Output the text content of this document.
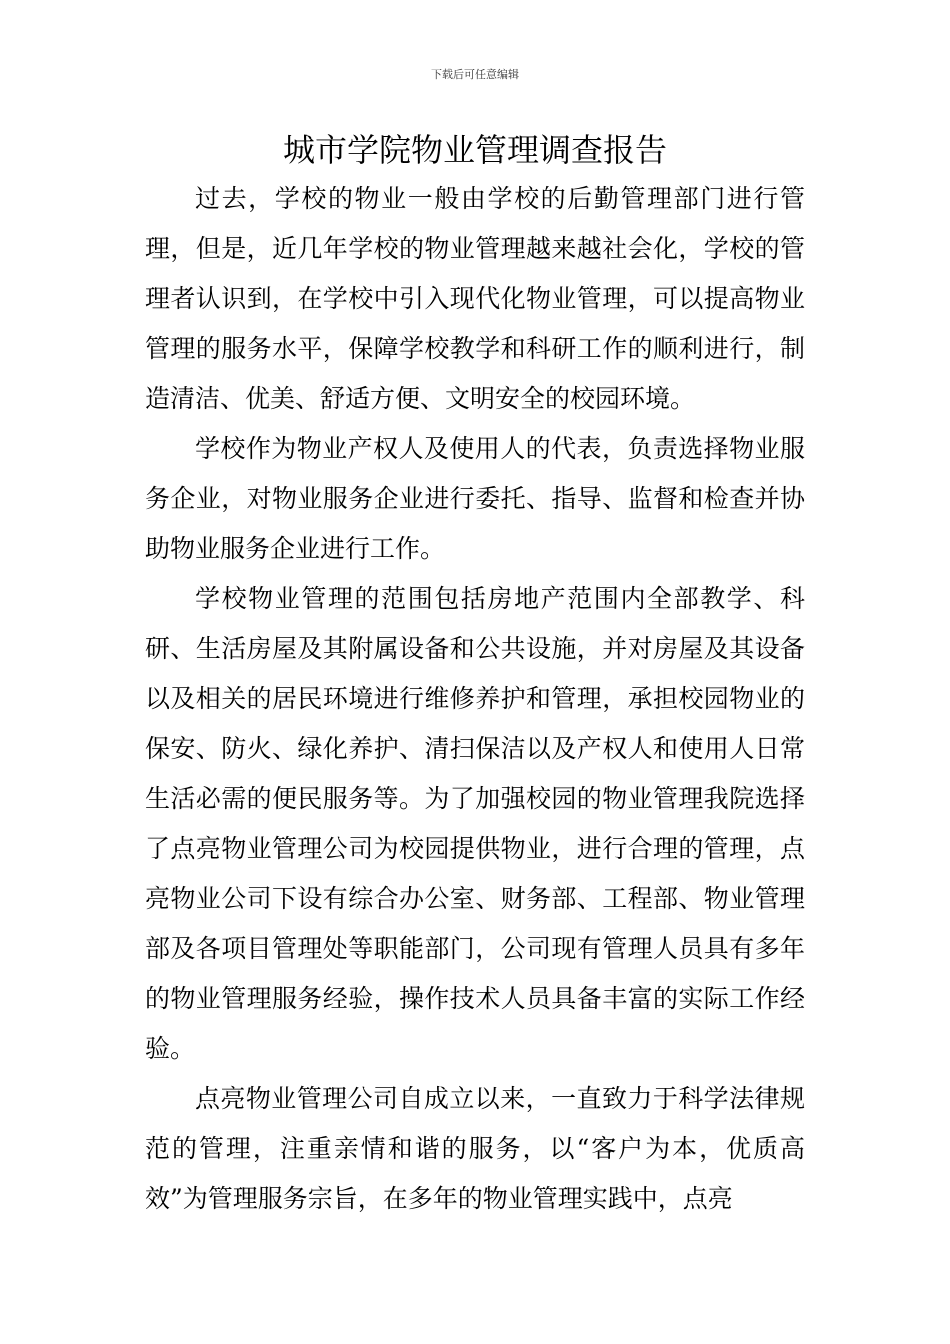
下载后可任意编辑
城市学院物业管理调查报告

过去，学校的物业一般由学校的后勤管理部门进行管理，但是，近几年学校的物业管理越来越社会化，学校的管理者认识到，在学校中引入现代化物业管理，可以提高物业管理的服务水平，保障学校教学和科研工作的顺利进行，制造清洁、优美、舒适方便、文明安全的校园环境。

学校作为物业产权人及使用人的代表，负责选择物业服务企业，对物业服务企业进行委托、指导、监督和检查并协助物业服务企业进行工作。

学校物业管理的范围包括房地产范围内全部教学、科研、生活房屋及其附属设备和公共设施，并对房屋及其设备以及相关的居民环境进行维修养护和管理，承担校园物业的保安、防火、绿化养护、清扫保洁以及产权人和使用人日常生活必需的便民服务等。为了加强校园的物业管理我院选择了点亮物业管理公司为校园提供物业，进行合理的管理，点亮物业公司下设有综合办公室、财务部、工程部、物业管理部及各项目管理处等职能部门，公司现有管理人员具有多年的物业管理服务经验，操作技术人员具备丰富的实际工作经验。

点亮物业管理公司自成立以来，一直致力于科学法律规范的管理，注重亲情和谐的服务，以“客户为本，优质高效”为管理服务宗旨，在多年的物业管理实践中，点亮
